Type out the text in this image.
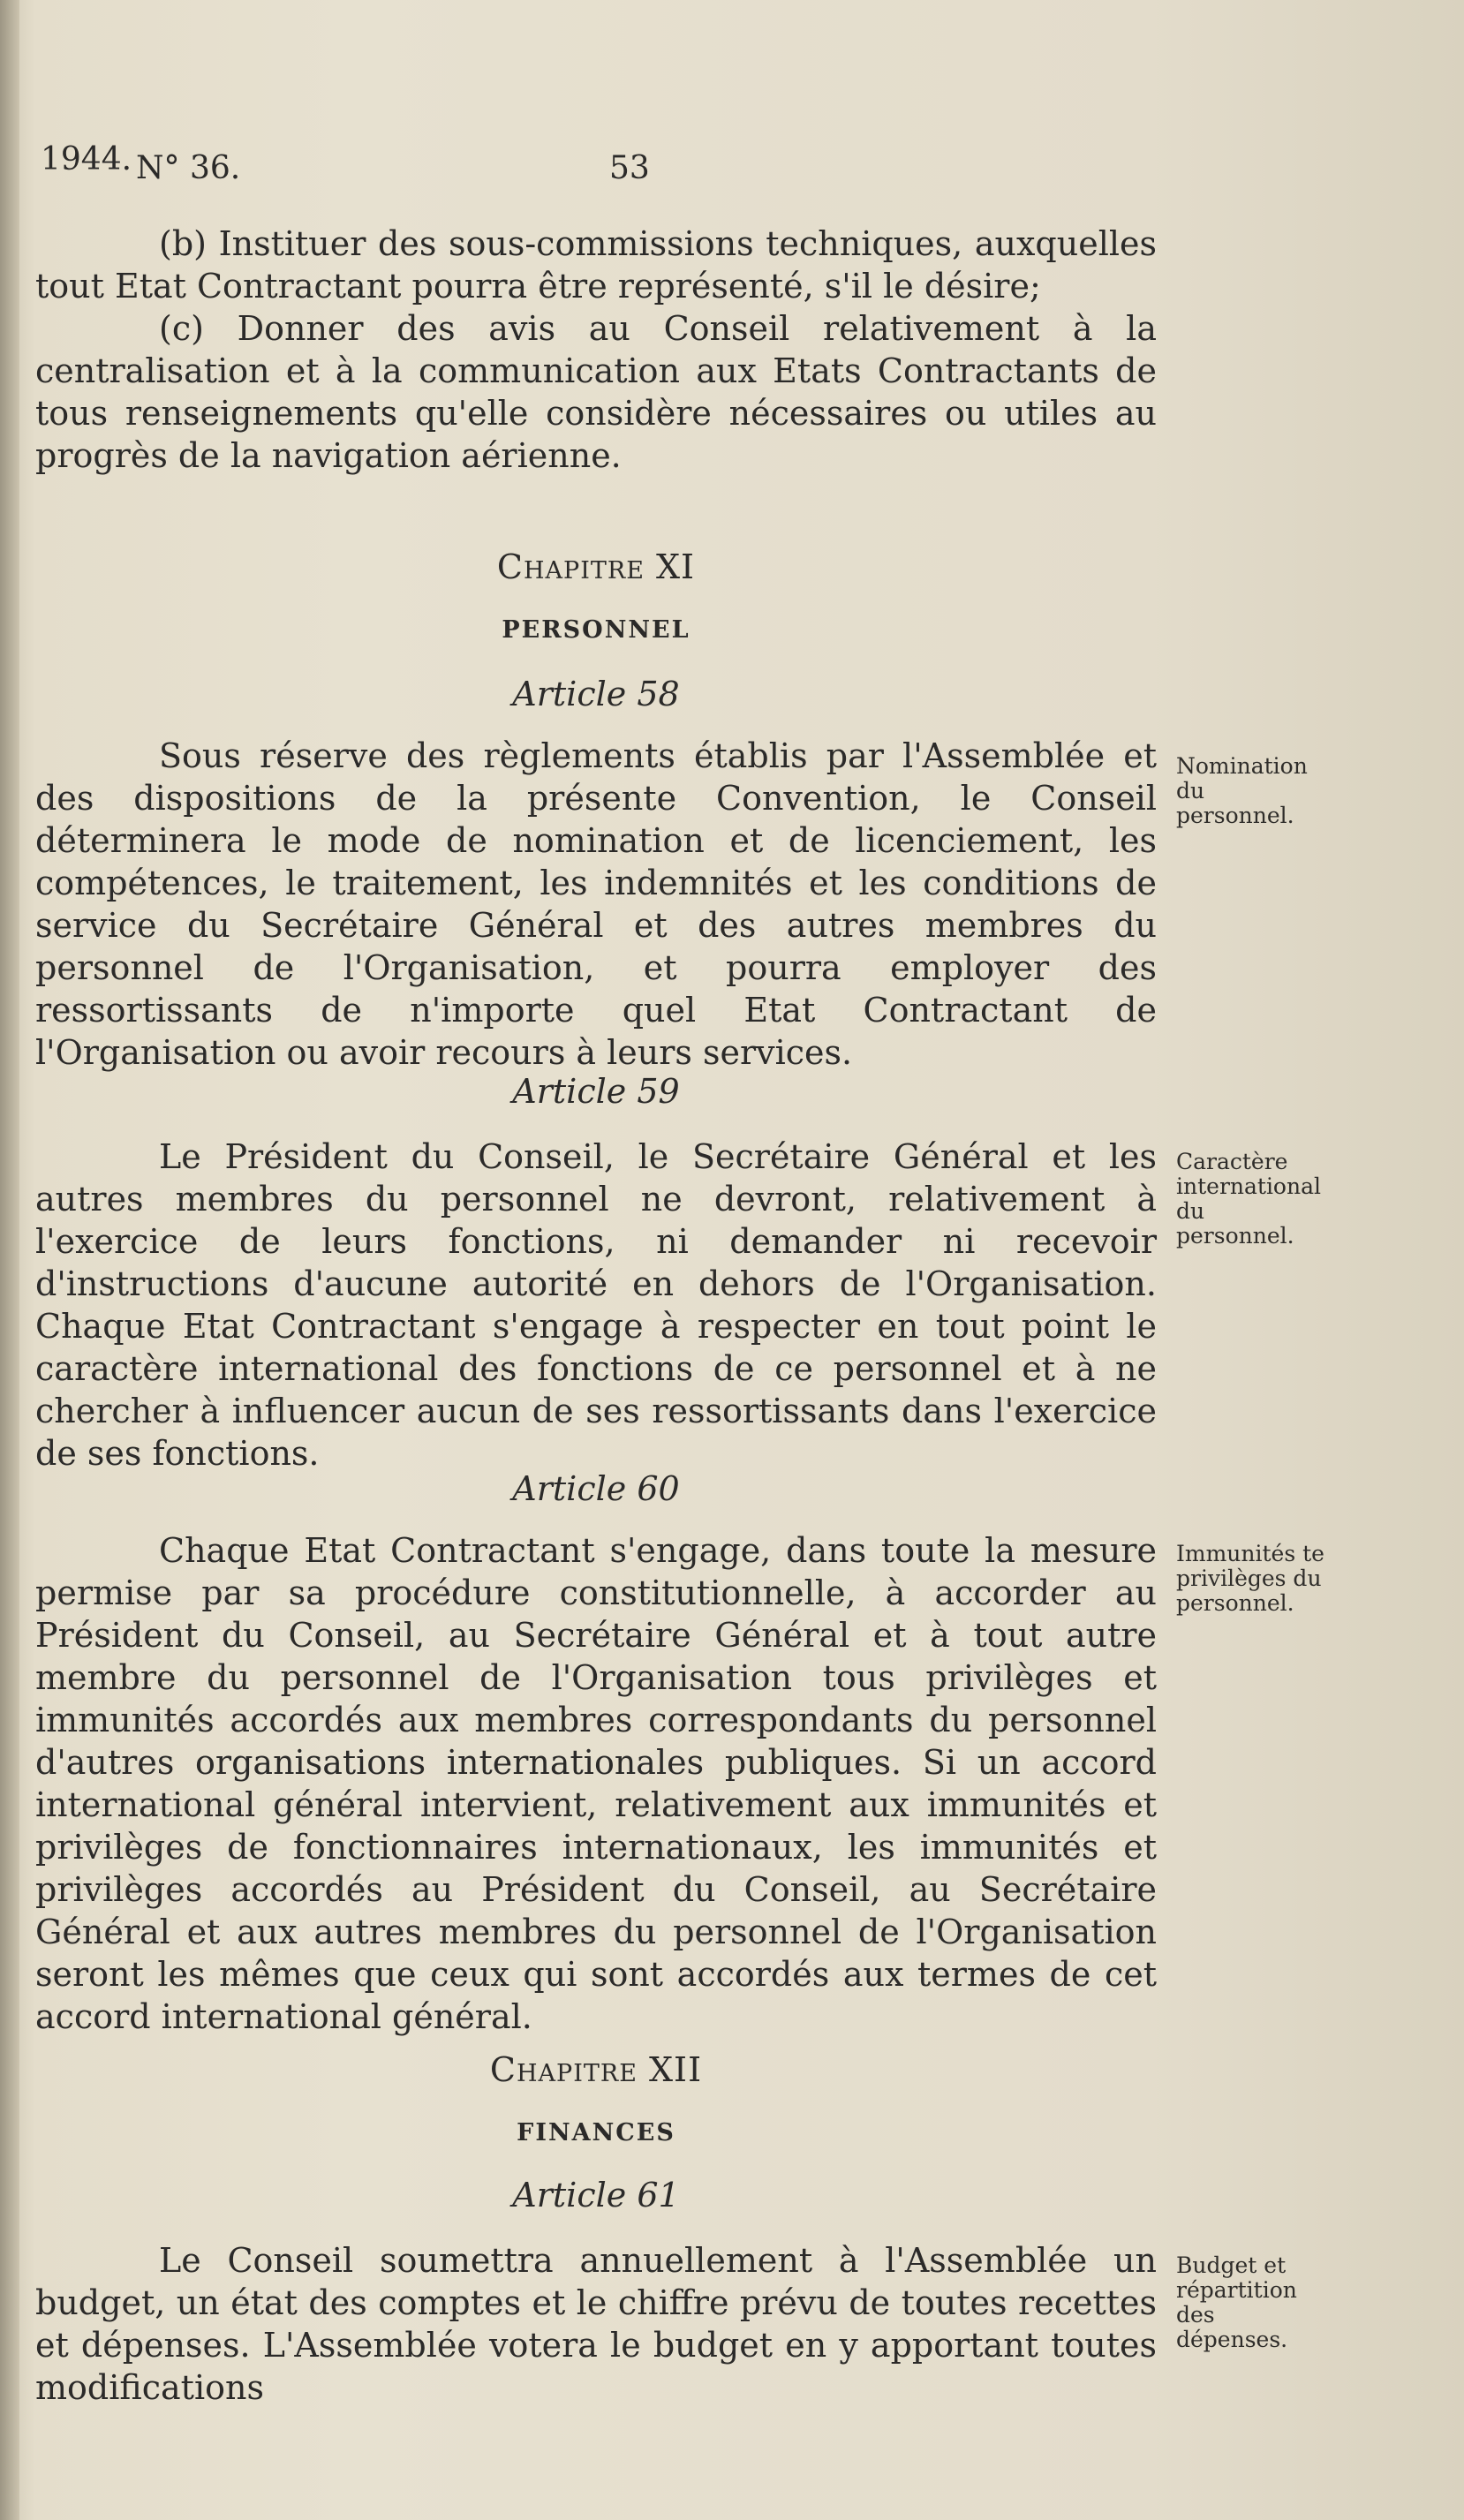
1944. N° 36.	53

(b) Instituer des sous-commissions techniques, auxquelles tout Etat Contractant pourra être représenté, s'il le désire;

(c) Donner des avis au Conseil relativement à la centralisation et à la communication aux Etats Contractants de tous renseignements qu'elle considère nécessaires ou utiles au progrès de la navigation aérienne.

Chapitre XI
PERSONNEL
Article 58

Sous réserve des règlements établis par l'Assemblée et des dispositions de la présente Convention, le Conseil déterminera le mode de nomination et de licenciement, les compétences, le traitement, les indemnités et les conditions de service du Secrétaire Général et des autres membres du personnel de l'Organisation, et pourra employer des ressortissants de n'importe quel Etat Contractant de l'Organisation ou avoir recours à leurs services.

Nomination du personnel.
Article 59

Le Président du Conseil, le Secrétaire Général et les autres membres du personnel ne devront, relativement à l'exercice de leurs fonctions, ni demander ni recevoir d'instructions d'aucune autorité en dehors de l'Organisation. Chaque Etat Contractant s'engage à respecter en tout point le caractère international des fonctions de ce personnel et à ne chercher à influencer aucun de ses ressortissants dans l'exercice de ses fonctions.

Caractère international du personnel.
Article 60

Chaque Etat Contractant s'engage, dans toute la mesure permise par sa procédure constitutionnelle, à accorder au Président du Conseil, au Secrétaire Général et à tout autre membre du personnel de l'Organisation tous privilèges et immunités accordés aux membres correspondants du personnel d'autres organisations internationales publiques. Si un accord international général intervient, relativement aux immunités et privilèges de fonctionnaires internationaux, les immunités et privilèges accordés au Président du Conseil, au Secrétaire Général et aux autres membres du personnel de l'Organisation seront les mêmes que ceux qui sont accordés aux termes de cet accord international général.

Immunités te privilèges du personnel.
Chapitre XII
FINANCES
Article 61

Le Conseil soumettra annuellement à l'Assemblée un budget, un état des comptes et le chiffre prévu de toutes recettes et dépenses. L'Assemblée votera le budget en y apportant toutes modifications

Budget et répartition des dépenses.
